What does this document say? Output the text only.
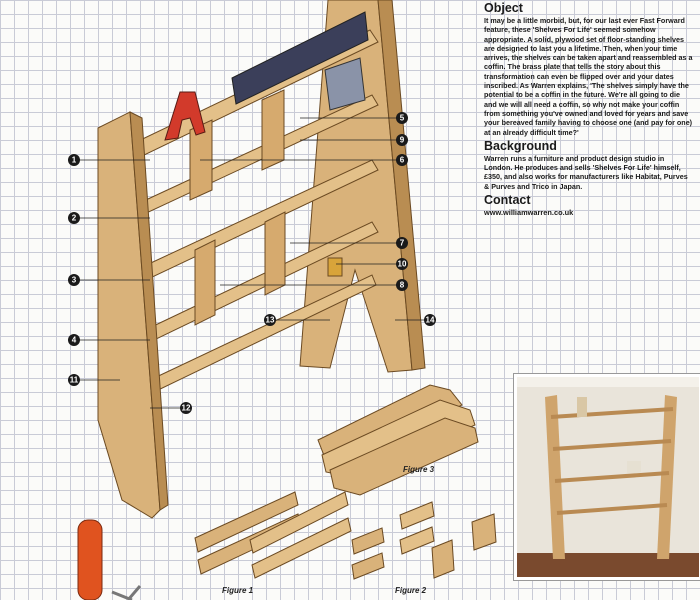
1
2
3
4
5
6
7
8
9
10
11
12
13	14
Figure 3
Figure 1	Figure 2
Object

It may be a little morbid, but, for our last ever Fast Forward feature, these 'Shelves For Life' seemed somehow appropriate. A solid, plywood set of floor-standing shelves are designed to last you a lifetime. Then, when your time arrives, the shelves can be taken apart and reassembled as a coffin. The brass plate that tells the story about this transformation can even be flipped over and your dates inscribed. As Warren explains, 'The shelves simply have the potential to be a coffin in the future. We're all going to die and we will all need a coffin, so why not make your coffin from something you've owned and loved for years and save your bereaved family having to choose one (and pay for one) at an already difficult time?'

Background

Warren runs a furniture and product design studio in London. He produces and sells 'Shelves For Life' himself, £350, and also works for manufacturers like Habitat, Purves & Purves and Trico in Japan.

Contact

www.williamwarren.co.uk
